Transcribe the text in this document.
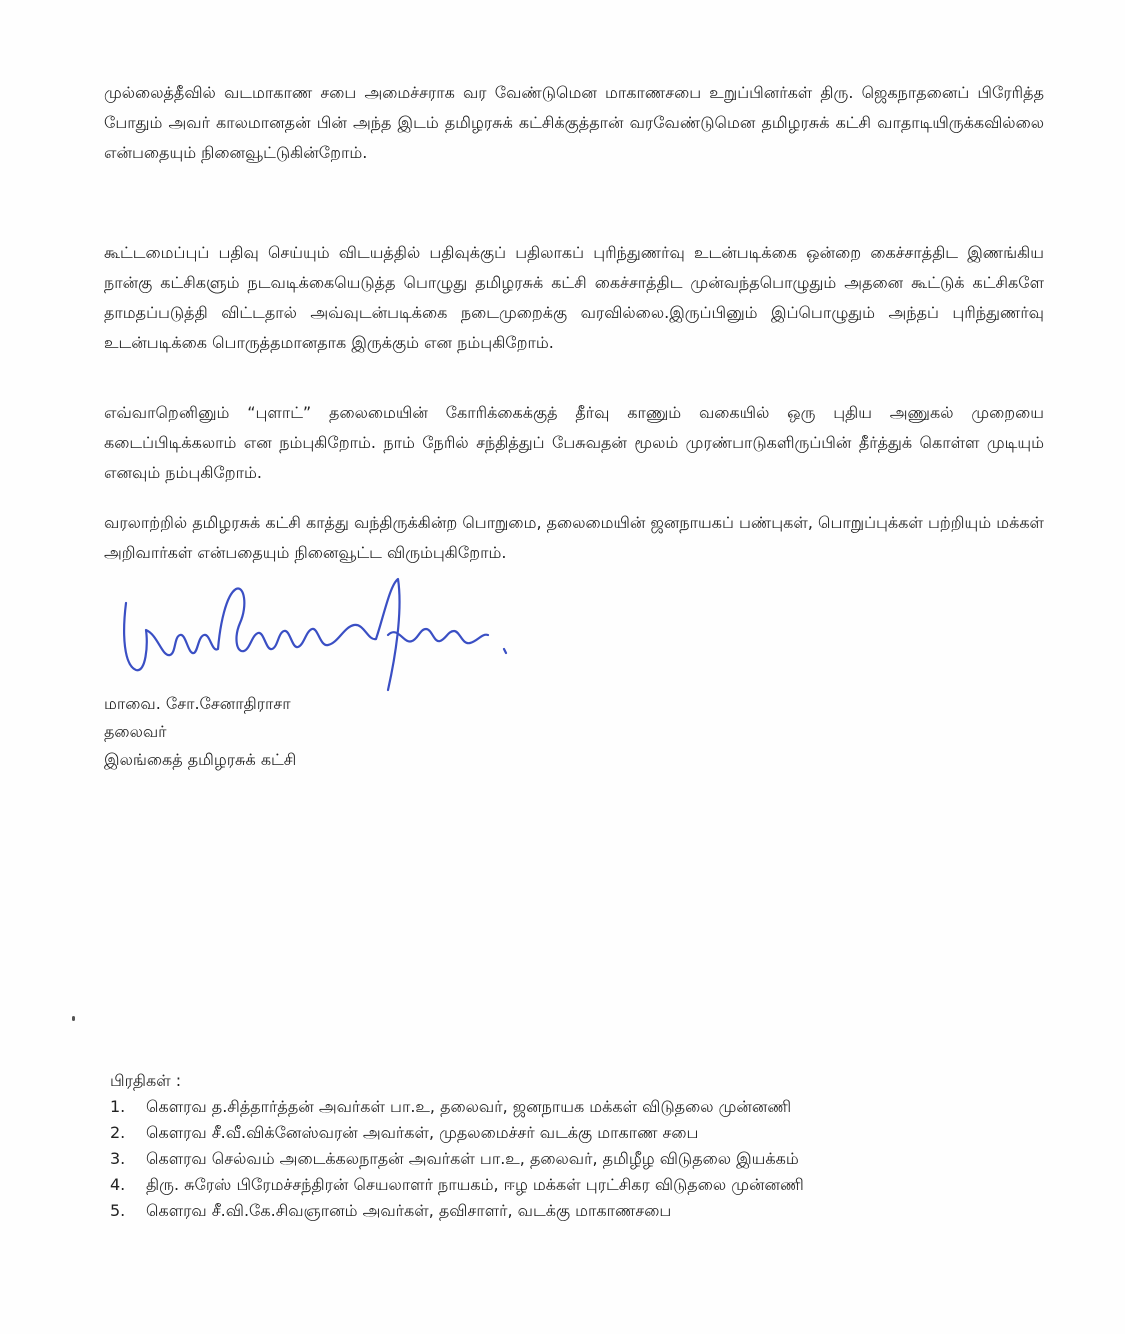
முல்லைத்தீவில் வடமாகாண சபை அமைச்சராக வர வேண்டுமென மாகாணசபை உறுப்பினர்கள் திரு. ஜெகநாதனைப் பிரேரித்த போதும் அவர் காலமானதன் பின் அந்த இடம் தமிழரசுக் கட்சிக்குத்தான் வரவேண்டுமென தமிழரசுக் கட்சி வாதாடியிருக்கவில்லை என்பதையும் நினைவூட்டுகின்றோம்.

கூட்டமைப்புப் பதிவு செய்யும் விடயத்தில் பதிவுக்குப் பதிலாகப் புரிந்துணர்வு உடன்படிக்கை ஒன்றை கைச்சாத்திட இணங்கிய நான்கு கட்சிகளும் நடவடிக்கையெடுத்த பொழுது தமிழரசுக் கட்சி கைச்சாத்திட முன்வந்தபொழுதும் அதனை கூட்டுக் கட்சிகளே தாமதப்படுத்தி விட்டதால் அவ்வுடன்படிக்கை நடைமுறைக்கு வரவில்லை.இருப்பினும் இப்பொழுதும் அந்தப் புரிந்துணர்வு உடன்படிக்கை பொருத்தமானதாக இருக்கும் என நம்புகிறோம்.

எவ்வாறெனினும் “புளாட்” தலைமையின் கோரிக்கைக்குத் தீர்வு காணும் வகையில் ஒரு புதிய அணுகல் முறையை கடைப்பிடிக்கலாம் என நம்புகிறோம். நாம் நேரில் சந்தித்துப் பேசுவதன் மூலம் முரண்பாடுகளிருப்பின் தீர்த்துக் கொள்ள முடியும் எனவும் நம்புகிறோம்.

வரலாற்றில் தமிழரசுக் கட்சி காத்து வந்திருக்கின்ற பொறுமை, தலைமையின் ஜனநாயகப் பண்புகள், பொறுப்புக்கள் பற்றியும் மக்கள் அறிவார்கள் என்பதையும் நினைவூட்ட விரும்புகிறோம்.

மாவை. சோ.சேனாதிராசா

தலைவர்

இலங்கைத் தமிழரசுக் கட்சி

பிரதிகள் :

1. கௌரவ த.சித்தார்த்தன் அவர்கள் பா.உ, தலைவர், ஜனநாயக மக்கள் விடுதலை முன்னணி
2. கௌரவ சீ.வீ.விக்னேஸ்வரன் அவர்கள், முதலமைச்சர் வடக்கு மாகாண சபை
3. கௌரவ செல்வம் அடைக்கலநாதன் அவர்கள் பா.உ, தலைவர், தமிழீழ விடுதலை இயக்கம்
4. திரு. சுரேஸ் பிரேமச்சந்திரன் செயலாளர் நாயகம், ஈழ மக்கள் புரட்சிகர விடுதலை முன்னணி
5. கௌரவ சீ.வி.கே.சிவஞானம் அவர்கள், தவிசாளர், வடக்கு மாகாணசபை
